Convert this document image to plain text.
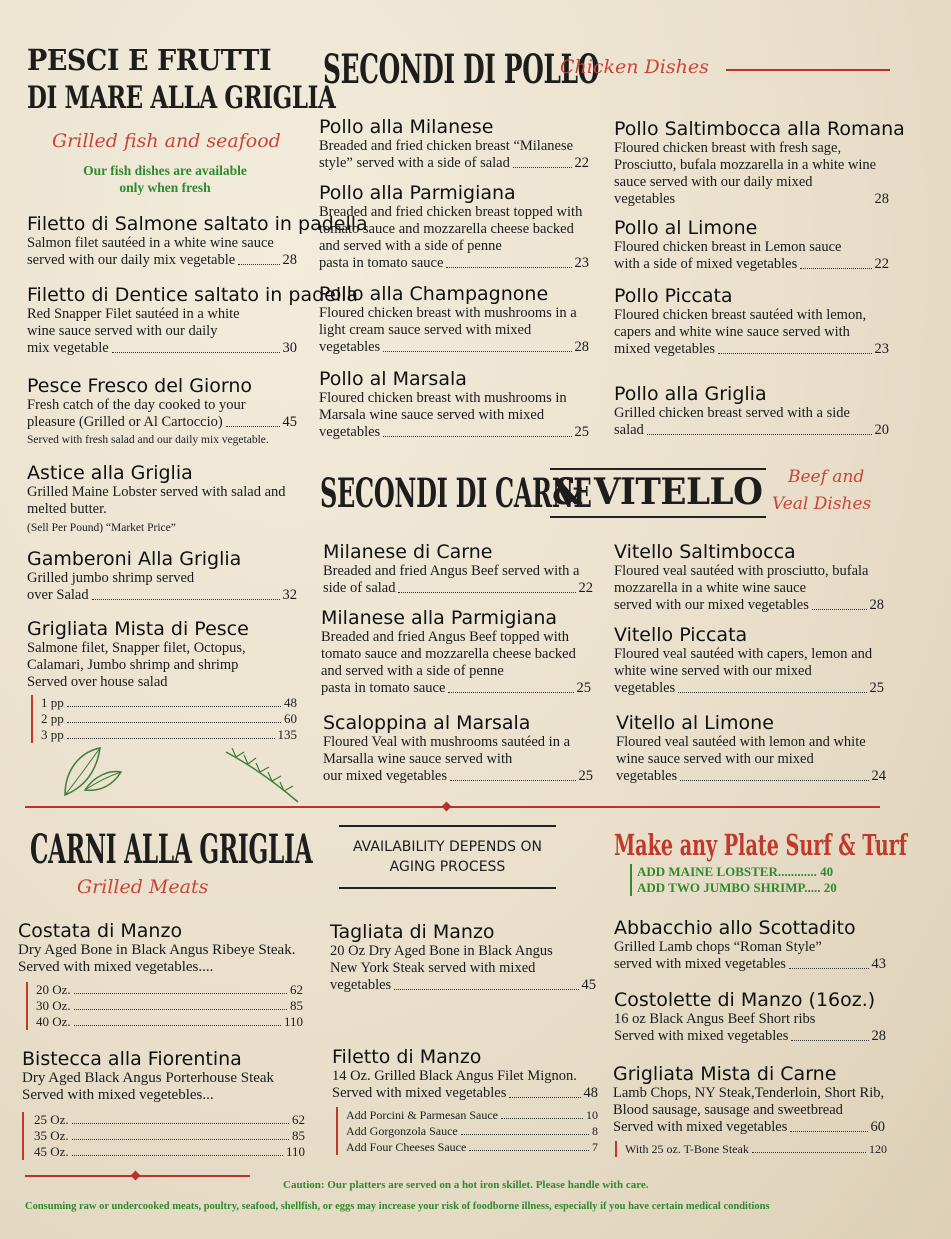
PESCI E FRUTTI
DI MARE ALLA GRIGLIA
Grilled fish and seafood
Our fish dishes are available only when fresh
Filetto di Salmone saltato in padella
Salmon filet sautéed in a white wine sauce
served with our daily mix vegetable	28
Filetto di Dentice saltato in padella
Red Snapper Filet sautéed in a white wine sauce served with our daily
mix vegetable	30
Pesce Fresco del Giorno
Fresh catch of the day cooked to your
pleasure (Grilled or Al Cartoccio)	45
Served with fresh salad and our daily mix vegetable.
Astice alla Griglia
Grilled Maine Lobster served with salad and melted butter.
(Sell Per Pound) “Market Price”
Gamberoni Alla Griglia
Grilled jumbo shrimp served
over Salad	32
Grigliata Mista di Pesce
Salmone filet, Snapper filet, Octopus, Calamari, Jumbo shrimp and shrimp Served over house salad
1 pp	48
2 pp	60
3 pp	135
SECONDI DI POLLO
Chicken Dishes
Pollo alla Milanese
Breaded and fried chicken breast “Milanese
style” served with a side of salad	22
Pollo alla Parmigiana
Breaded and fried chicken breast topped with tomato sauce and mozzarella cheese backed and served with a side of penne
pasta in tomato sauce	23
Pollo alla Champagnone
Floured chicken breast with mushrooms in a light cream sauce served with mixed
vegetables	28
Pollo al Marsala
Floured chicken breast with mushrooms in Marsala wine sauce served with mixed
vegetables	25
Pollo Saltimbocca alla Romana
Floured chicken breast with fresh sage, Prosciutto, bufala mozzarella in a white wine sauce served with our daily mixed
vegetables	28
Pollo al Limone
Floured chicken breast in Lemon sauce
with a side of mixed vegetables	22
Pollo Piccata
Floured chicken breast sautéed with lemon, capers and white wine sauce served with
mixed vegetables	23
Pollo alla Griglia
Grilled chicken breast served with a side
salad	20
SECONDI DI CARNE
& VITELLO Beef and
Veal Dishes
Milanese di Carne
Breaded and fried Angus Beef served with a
side of salad	22
Milanese alla Parmigiana
Breaded and fried Angus Beef topped with tomato sauce and mozzarella cheese backed and served with a side of penne
pasta in tomato sauce	25
Scaloppina al Marsala
Floured Veal with mushrooms sautéed in a Marsalla wine sauce served with
our mixed vegetables	25
Vitello Saltimbocca
Floured veal sautéed with prosciutto, bufala mozzarella in a white wine sauce
served with our mixed vegetables	28
Vitello Piccata
Floured veal sautéed with capers, lemon and white wine served with our mixed
vegetables	25
Vitello al Limone
Floured veal sautéed with lemon and white wine sauce served with our mixed
vegetables	24
CARNI ALLA GRIGLIA
Grilled Meats
AVAILABILITY DEPENDS ON AGING PROCESS
Make any Plate Surf & Turf
ADD MAINE LOBSTER............ 40
ADD TWO JUMBO SHRIMP..... 20
Costata di Manzo
Dry Aged Bone in Black Angus Ribeye Steak.
Served with mixed vegetables....
20 Oz.	62
30 Oz.	85
40 Oz.	110
Bistecca alla Fiorentina
Dry Aged Black Angus Porterhouse Steak
Served with mixed vegetebles...
25 Oz.	62
35 Oz.	85
45 Oz.	110
Tagliata di Manzo
20 Oz Dry Aged Bone in Black Angus New York Steak served with mixed
vegetables	45
Filetto di Manzo
14 Oz. Grilled Black Angus Filet Mignon.
Served with mixed vegetables	48
Add Porcini & Parmesan Sauce	10
Add Gorgonzola Sauce	8
Add Four Cheeses Sauce	7
Abbacchio allo Scottadito
Grilled Lamb chops “Roman Style”
served with mixed vegetables	43
Costolette di Manzo (16oz.)
16 oz Black Angus Beef Short ribs
Served with mixed vegetables	28
Grigliata Mista di Carne
Lamb Chops, NY Steak,Tenderloin, Short Rib, Blood sausage, sausage and sweetbread
Served with mixed vegetables	60
With 25 oz. T-Bone Steak	120
Caution: Our platters are served on a hot iron skillet. Please handle with care.
Consuming raw or undercooked meats, poultry, seafood, shellfish, or eggs may increase your risk of foodborne illness, especially if you have certain medical conditions
